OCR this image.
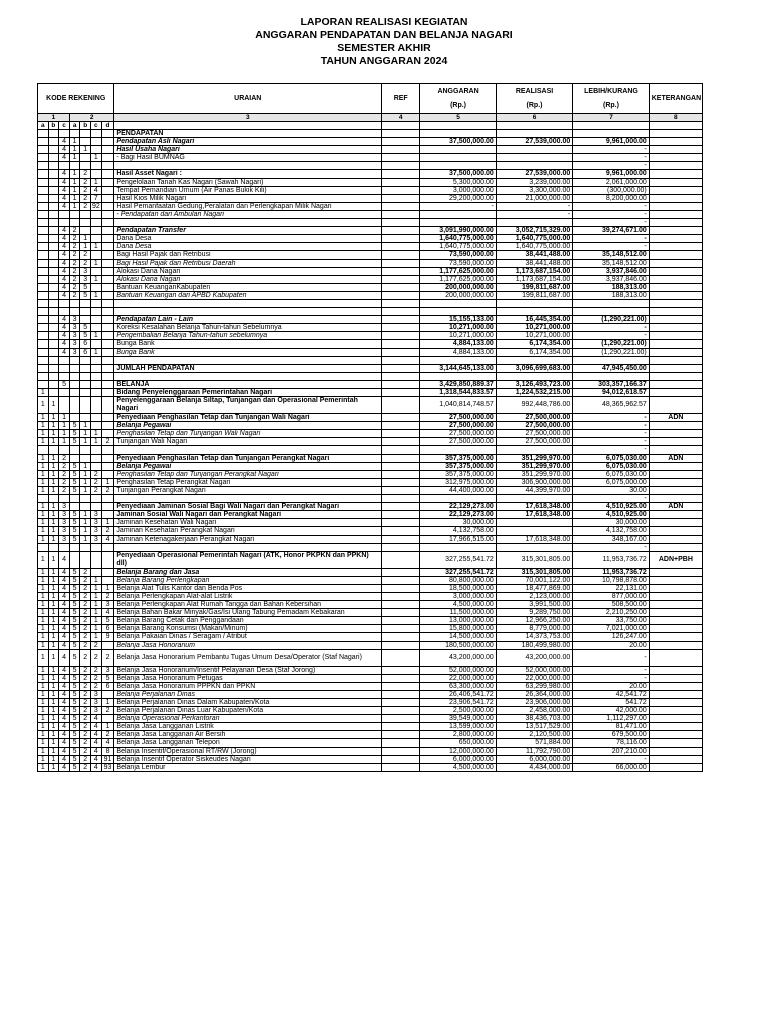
LAPORAN REALISASI KEGIATAN
ANGGARAN PENDAPATAN DAN BELANJA NAGARI
SEMESTER AKHIR
TAHUN ANGGARAN 2024
KODE REKENING							URAIAN	REF	ANGGARAN

(Rp.)	REALISASI

(Rp.)	LEBIH/KURANG

(Rp.)	KETERANGAN
1			2				3	4	5	6	7	8
a	b	c	a	b	c	d						
							PENDAPATAN					
		4	1				Pendapatan Asli Nagari		37,500,000.00	27,539,000.00	9,961,000.00	
		4	1	1			Hasil Usaha Nagari				-	
		4	1		1		- Bagi Hasil BUMNAG				-	
											-	
		4	1	2			Hasil Asset Nagari :		37,500,000.00	27,539,000.00	9,961,000.00	
		4	1	2	1		Pengelolaan Tanah Kas Nagari (Sawah Nagari)		5,300,000.00	3,239,000.00	2,061,000.00	
		4	1	2	4		Tempat Pemandian Umum (Air Panas Bukik Kili)		3,000,000.00	3,300,000.00	(300,000.00)	
		4	1	2	7		Hasil Kios Milik Nagari		29,200,000.00	21,000,000.00	8,200,000.00	
		4	1	2	92		Hasil Pemanfaatan Gedung,Peralatan dan Perlengkapan Milik Nagari		-	-	-	
							- Pendapatan dari Ambulan Nagari			-	-	
											-	
		4	2				Pendapatan Transfer		3,091,990,000.00	3,052,715,329.00	39,274,671.00	
		4	2	1			Dana Desa		1,640,775,000.00	1,640,775,000.00	-	
		4	2	1	1		Dana Desa		1,640,775,000.00	1,640,775,000.00	-	
		4	2	2			Bagi Hasil Pajak dan Retribusi		73,590,000.00	38,441,488.00	35,148,512.00	
		4	2	2	1		Bagi Hasil Pajak dan Retribusi Daerah		73,590,000.00	38,441,488.00	35,148,512.00	
		4	2	3			Alokasi Dana Nagari		1,177,625,000.00	1,173,687,154.00	3,937,846.00	
		4	2	3	1		Alokasi Dana Nagari		1,177,625,000.00	1,173,687,154.00	3,937,846.00	
		4	2	5			Bantuan KeuanganKabupaten		200,000,000.00	199,811,687.00	188,313.00	
		4	2	5	1		Bantuan Keuangan dari APBD Kabupaten		200,000,000.00	199,811,687.00	188,313.00	

		4	3				Pendapatan Lain - Lain		15,155,133.00	16,445,354.00	(1,290,221.00)	
		4	3	5			Koreksi Kesalahan Belanja Tahun-tahun Sebelumnya		10,271,000.00	10,271,000.00	-	
		4	3	5	1		Pengembalian Belanja Tahun-tahun sebelumnya		10,271,000.00	10,271,000.00	-	
		4	3	6			Bunga Bank		4,884,133.00	6,174,354.00	(1,290,221.00)	
		4	3	6	1		Bunga Bank		4,884,133.00	6,174,354.00	(1,290,221.00)	

							JUMLAH PENDAPATAN		3,144,645,133.00	3,096,699,683.00	47,945,450.00	

		5					BELANJA		3,429,850,889.37	3,126,493,723.00	303,357,166.37	
1							Bidang Penyelenggaraan Pemerintahan Nagari		1,318,544,833.57	1,224,532,215.00	94,012,618.57	
1	1						Penyelenggaraan Belanja Siltap, Tunjangan dan Operasional Pemerintah Nagari		1,040,814,748.57	992,448,786.00	48,365,962.57	
1	1	1					Penyediaan Penghasilan Tetap dan Tunjangan Wali Nagari		27,500,000.00	27,500,000.00	-	ADN
1	1	1	5	1			Belanja Pegawai		27,500,000.00	27,500,000.00	-	
1	1	1	5	1	1		Penghasilan Tetap dan Tunjangan Wali Nagari		27,500,000.00	27,500,000.00	-	
1	1	1	5	1	1	2	Tunjangan Wali Nagari		27,500,000.00	27,500,000.00	-	
											-	
1	1	2					Penyediaan Penghasilan Tetap dan Tunjangan Perangkat Nagari		357,375,000.00	351,299,970.00	6,075,030.00	ADN
1	1	2	5	1			Belanja Pegawai		357,375,000.00	351,299,970.00	6,075,030.00	
1	1	2	5	1	2		Penghasilan Tetap dan Tunjangan Perangkat Nagari		357,375,000.00	351,299,970.00	6,075,030.00	
1	1	2	5	1	2	1	Penghasilan Tetap Perangkat Nagari		312,975,000.00	306,900,000.00	6,075,000.00	
1	1	2	5	1	2	2	Tunjangan Perangkat Nagari		44,400,000.00	44,399,970.00	30.00	
											-	
1	1	3					Penyediaan Jaminan Sosial Bagi Wali Nagari dan Perangkat Nagari		22,129,273.00	17,618,348.00	4,510,925.00	ADN
1	1	3	5	1	3		Jaminan Sosial Wali Nagari dan Perangkat Nagari		22,129,273.00	17,618,348.00	4,510,925.00	
1	1	3	5	1	3	1	Jaminan Kesehatan Wali Nagari		30,000.00		30,000.00	
1	1	3	5	1	3	2	Jaminan Kesehatan Perangkat Nagari		4,132,758.00		4,132,758.00	
1	1	3	5	1	3	4	Jaminan Ketenagakerjaan Perangkat Nagari		17,966,515.00	17,618,348.00	348,167.00	
											-	
1	1	4					Penyediaan Operasional Pemerintah Nagari (ATK, Honor PKPKN dan PPKN) dll)		327,255,541.72	315,301,805.00	11,953,736.72	ADN+PBH
1	1	4	5	2			Belanja Barang dan Jasa		327,255,541.72	315,301,805.00	11,953,736.72	
1	1	4	5	2	1		Belanja Barang Perlengkapan		80,800,000.00	70,001,122.00	10,798,878.00	
1	1	4	5	2	1	1	Belanja Alat Tulis Kantor dan Benda Pos		18,500,000.00	18,477,869.00	22,131.00	
1	1	4	5	2	1	2	Belanja Perlengkapan Alat-alat Listrik		3,000,000.00	2,123,000.00	877,000.00	
1	1	4	5	2	1	3	Belanja Perlengkapan Alat Rumah Tangga dan Bahan Kebersihan		4,500,000.00	3,991,500.00	508,500.00	
1	1	4	5	2	1	4	Belanja Bahan Bakar Minyak/Gas/Isi Ulang Tabung Pemadam Kebakaran		11,500,000.00	9,289,750.00	2,210,250.00	
1	1	4	5	2	1	5	Belanja Barang Cetak dan Penggandaan		13,000,000.00	12,966,250.00	33,750.00	
1	1	4	5	2	1	6	Belanja Barang Konsumsi (Makan/Minum)		15,800,000.00	8,779,000.00	7,021,000.00	
1	1	4	5	2	1	9	Belanja Pakaian Dinas / Seragam / Atribut		14,500,000.00	14,373,753.00	126,247.00	
1	1	4	5	2	2		Belanja Jasa Honorarium		180,500,000.00	180,499,980.00	20.00	
1	1	4	5	2	2	2	Belanja Jasa Honorarium Pembantu Tugas Umum Desa/Operator (Staf Nagari)		43,200,000.00	43,200,000.00	-	
1	1	4	5	2	2	3	Belanja Jasa Honorarium/Insentif Pelayanan Desa (Staf Jorong)		52,000,000.00	52,000,000.00	-	
1	1	4	5	2	2	5	Belanja Jasa Honorarium Petugas		22,000,000.00	22,000,000.00	-	
1	1	4	5	2	2	6	Belanja Jasa Honorarium PPPKN dan PPKN		63,300,000.00	63,299,980.00	20.00	
1	1	4	5	2	3		Belanja Perjalanan Dinas		26,406,541.72	26,364,000.00	42,541.72	
1	1	4	5	2	3	1	Belanja Perjalanan Dinas Dalam Kabupaten/Kota		23,906,541.72	23,906,000.00	541.72	
1	1	4	5	2	3	2	Belanja Perjalanan Dinas Luar Kabupaten/Kota		2,500,000.00	2,458,000.00	42,000.00	
1	1	4	5	2	4		Belanja Operasional Perkantoran		39,549,000.00	38,436,703.00	1,112,297.00	
1	1	4	5	2	4	1	Belanja Jasa Langganan Listrik		13,599,000.00	13,517,529.00	81,471.00	
1	1	4	5	2	4	2	Belanja Jasa Langganan Air Bersih		2,800,000.00	2,120,500.00	679,500.00	
1	1	4	5	2	4	4	Belanja Jasa Langganan Telepon		650,000.00	571,884.00	78,116.00	
1	1	4	5	2	4	8	Belanja Insentif/Operasional RT/RW (Jorong)		12,000,000.00	11,792,790.00	207,210.00	
1	1	4	5	2	4	91	Belanja Insentif Operator Siskeudes Nagari		6,000,000.00	6,000,000.00	-	
1	1	4	5	2	4	93	Belanja Lembur		4,500,000.00	4,434,000.00	66,000.00	
